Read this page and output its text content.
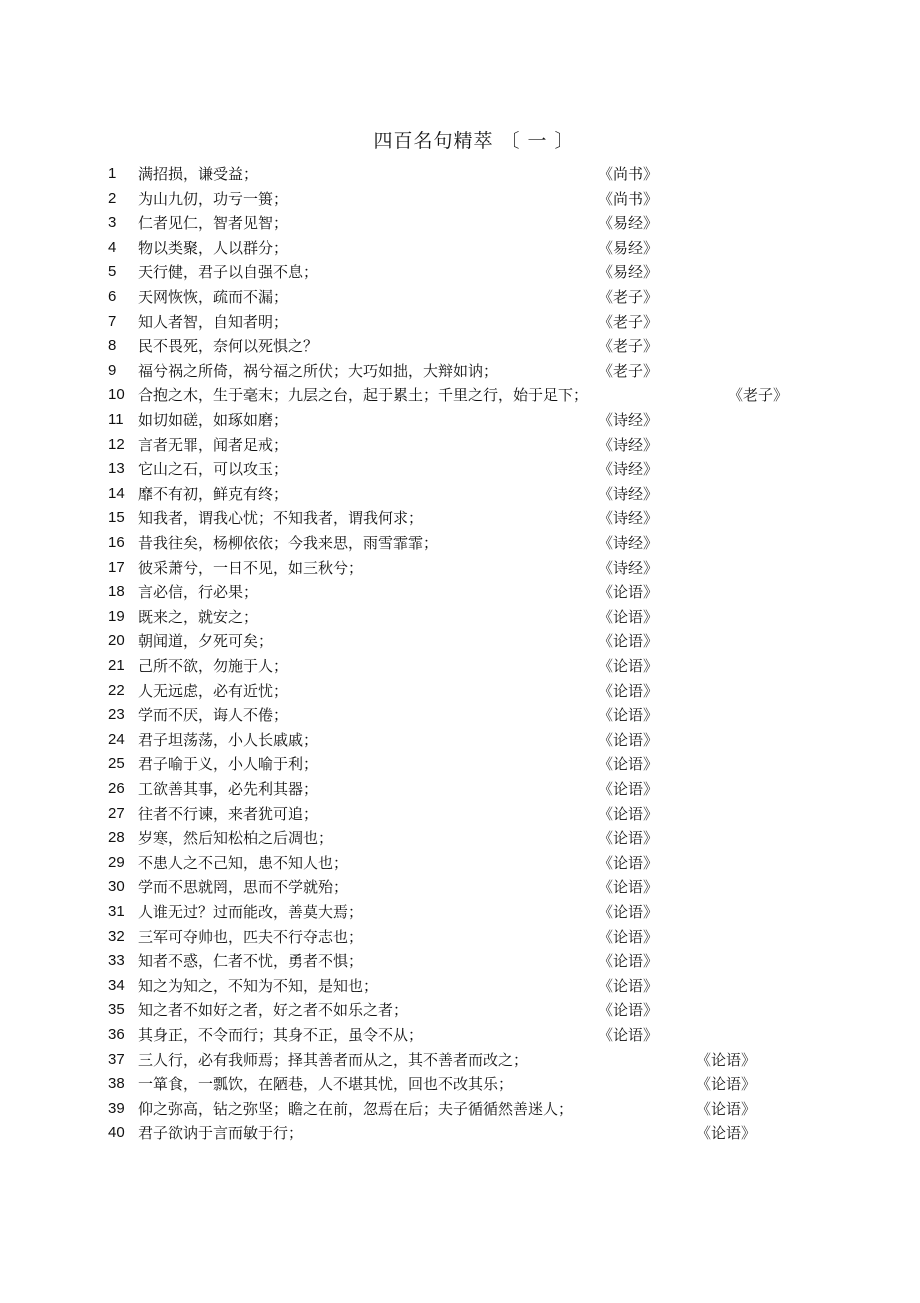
四百名句精萃 〔 一 〕
1 满招损，谦受益；	《尚书》
2 为山九仞，功亏一篑；	《尚书》
3 仁者见仁，智者见智；	《易经》
4 物以类聚，人以群分；	《易经》
5 天行健，君子以自强不息；	《易经》
6 天网恢恢，疏而不漏；	《老子》
7 知人者智，自知者明；	《老子》
8 民不畏死，奈何以死惧之？	《老子》
9 福兮祸之所倚，祸兮福之所伏；大巧如拙，大辩如讷；	《老子》
10 合抱之木，生于毫末；九层之台，起于累土；千里之行，始于足下；	《老子》
11 如切如磋，如琢如磨；	《诗经》
12 言者无罪，闻者足戒；	《诗经》
13 它山之石，可以攻玉；	《诗经》
14 靡不有初，鲜克有终；	《诗经》
15 知我者，谓我心忧；不知我者，谓我何求；	《诗经》
16 昔我往矣，杨柳依依；今我来思，雨雪霏霏；	《诗经》
17 彼采萧兮，一日不见，如三秋兮；	《诗经》
18 言必信，行必果；	《论语》
19 既来之，就安之；	《论语》
20 朝闻道，夕死可矣；	《论语》
21 己所不欲，勿施于人；	《论语》
22 人无远虑，必有近忧；	《论语》
23 学而不厌，诲人不倦；	《论语》
24 君子坦荡荡，小人长戚戚；	《论语》
25 君子喻于义，小人喻于利；	《论语》
26 工欲善其事，必先利其器；	《论语》
27 往者不行谏，来者犹可追；	《论语》
28 岁寒，然后知松柏之后凋也；	《论语》
29 不患人之不己知，患不知人也；	《论语》
30 学而不思就罔，思而不学就殆；	《论语》
31 人谁无过？过而能改，善莫大焉；	《论语》
32 三军可夺帅也，匹夫不行夺志也；	《论语》
33 知者不惑，仁者不忧，勇者不惧；	《论语》
34 知之为知之，不知为不知，是知也；	《论语》
35 知之者不如好之者，好之者不如乐之者；	《论语》
36 其身正，不令而行；其身不正，虽令不从；	《论语》
37 三人行，必有我师焉；择其善者而从之，其不善者而改之；	《论语》
38 一箪食，一瓢饮，在陋巷，人不堪其忧，回也不改其乐；	《论语》
39 仰之弥高，钻之弥坚；瞻之在前，忽焉在后；夫子循循然善迷人；	《论语》
40 君子欲讷于言而敏于行；	《论语》
